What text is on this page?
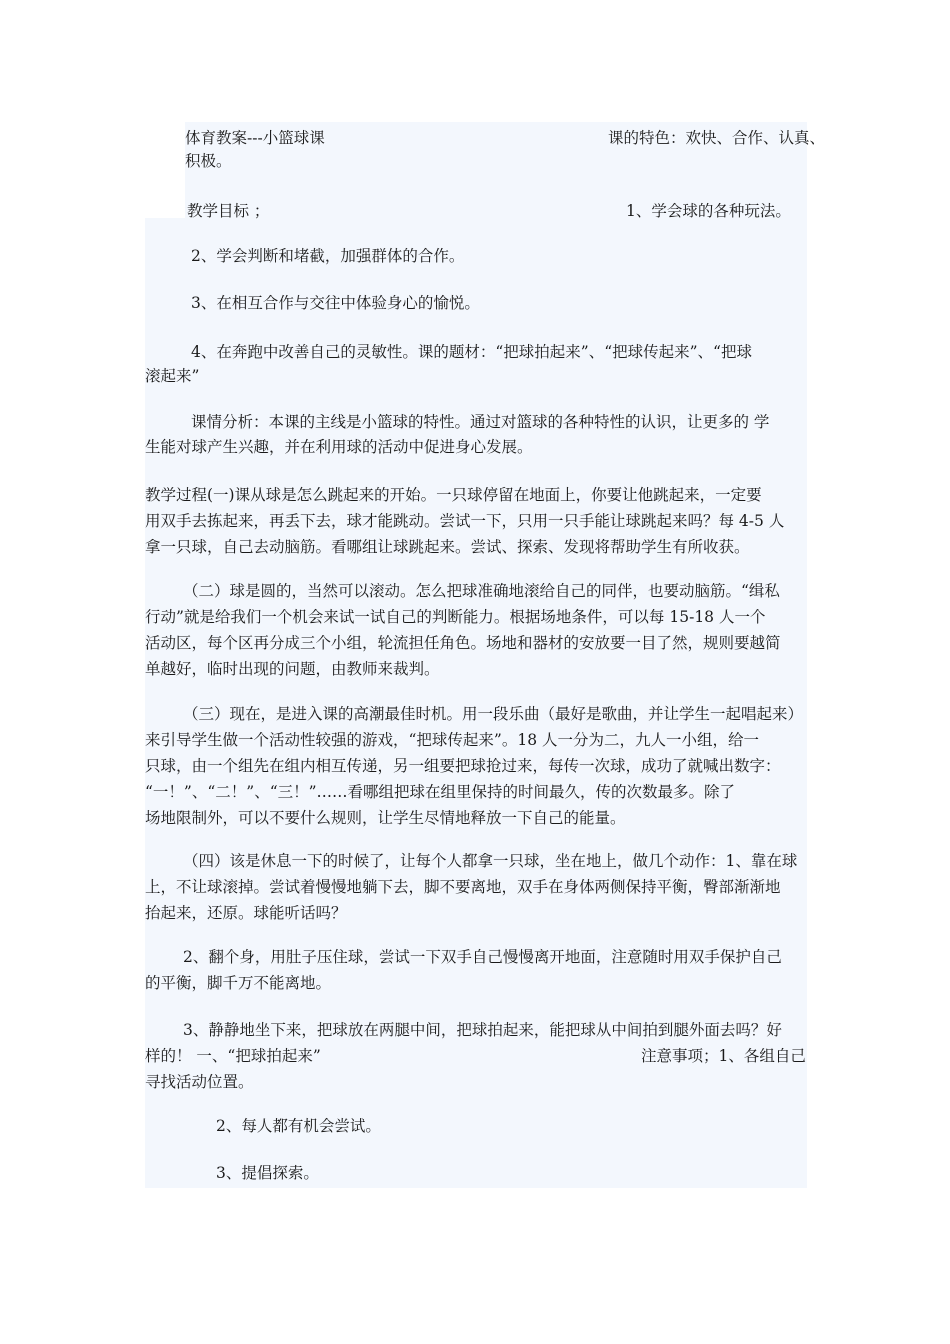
体育教案---小篮球课	课的特色：欢快、合作、认真、
积极。
教学目标 ；	1、学会球的各种玩法。
2、学会判断和堵截，加强群体的合作。
3、在相互合作与交往中体验身心的愉悦。
4、在奔跑中改善自己的灵敏性。课的题材：“把球拍起来”、“把球传起来”、“把球
滚起来”
课情分析：本课的主线是小篮球的特性。通过对篮球的各种特性的认识，让更多的 学
生能对球产生兴趣，并在利用球的活动中促进身心发展。
教学过程(一)课从球是怎么跳起来的开始。一只球停留在地面上，你要让他跳起来，一定要
用双手去拣起来，再丢下去，球才能跳动。尝试一下，只用一只手能让球跳起来吗？每 4-5 人
拿一只球，自己去动脑筋。看哪组让球跳起来。尝试、探索、发现将帮助学生有所收获。
（二）球是圆的，当然可以滚动。怎么把球准确地滚给自己的同伴，也要动脑筋。“缉私
行动”就是给我们一个机会来试一试自己的判断能力。根据场地条件，可以每 15-18 人一个
活动区，每个区再分成三个小组，轮流担任角色。场地和器材的安放要一目了然，规则要越简
单越好，临时出现的问题，由教师来裁判。
（三）现在，是进入课的高潮最佳时机。用一段乐曲（最好是歌曲，并让学生一起唱起来）
来引导学生做一个活动性较强的游戏，“把球传起来”。18 人一分为二，九人一小组，给一
只球，由一个组先在组内相互传递，另一组要把球抢过来，每传一次球，成功了就喊出数字：
“一！”、“二！”、“三！”……看哪组把球在组里保持的时间最久，传的次数最多。除了
场地限制外，可以不要什么规则，让学生尽情地释放一下自己的能量。
（四）该是休息一下的时候了，让每个人都拿一只球，坐在地上，做几个动作：1、靠在球
上，不让球滚掉。尝试着慢慢地躺下去，脚不要离地，双手在身体两侧保持平衡，臀部渐渐地
抬起来，还原。球能听话吗？
2、翻个身，用肚子压住球，尝试一下双手自己慢慢离开地面，注意随时用双手保护自己
的平衡，脚千万不能离地。
3、静静地坐下来，把球放在两腿中间，把球拍起来，能把球从中间拍到腿外面去吗？好
样的！ 一、“把球拍起来”	注意事项；1、各组自己
寻找活动位置。
2、每人都有机会尝试。
3、提倡探索。
